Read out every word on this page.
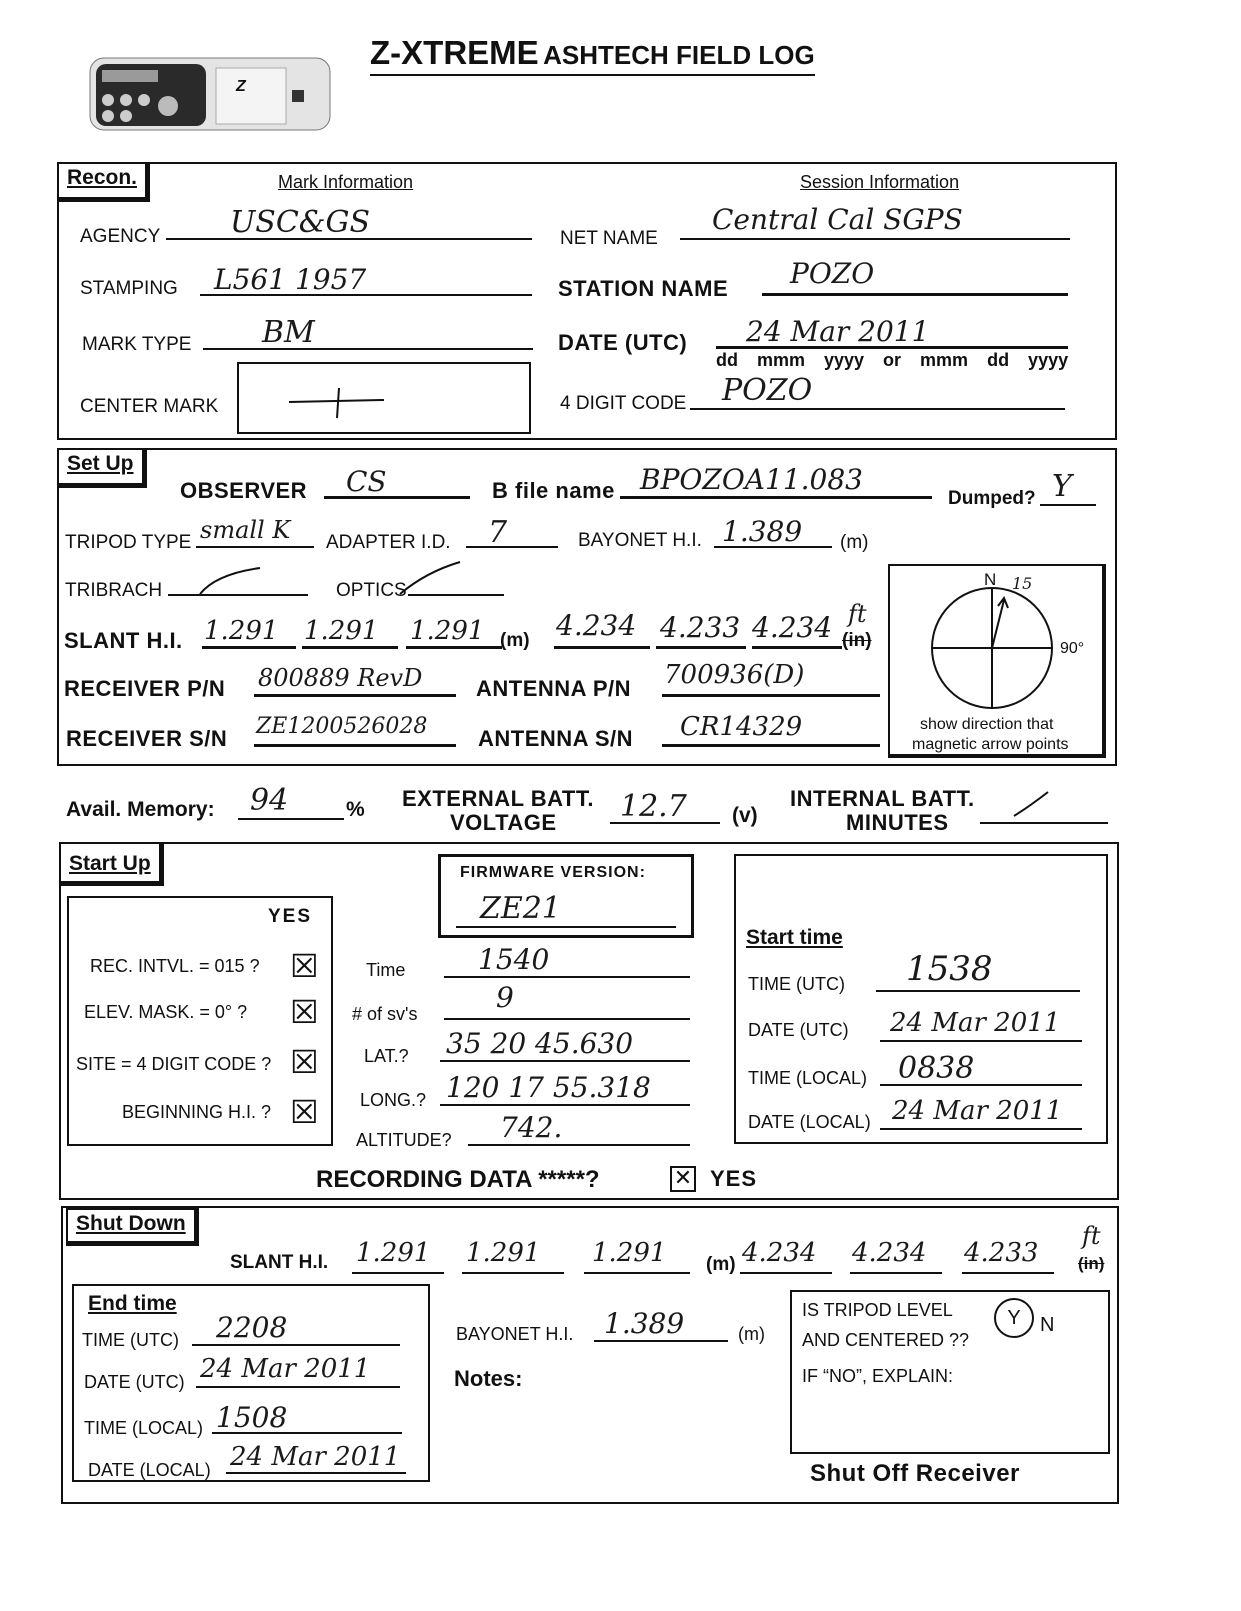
Z
Z-XTREME ASHTECH FIELD LOG
Recon.	Mark Information	Session Information
AGENCY USC&GS
STAMPING L561 1957
MARK TYPE BM
CENTER MARK
NET NAME
Central Cal SGPS
STATION NAME POZO
DATE (UTC) 24 Mar 2011
dd mmm yyyy or mmm dd yyyy
4 DIGIT CODE POZO
Set Up
OBSERVER CS	B file name BPOZOA11.083
Dumped? Y
TRIPOD TYPE small K ADAPTER I.D. 7	BAYONET H.I. 1.389 (m)
TRIBRACH	OPTICS
SLANT H.I. 1.291 1.291 1.291 (m) 4.234 4.233 4.234 ft
(in)
RECEIVER P/N 800889 RevD ANTENNA P/N 700936(D)
RECEIVER S/N ZE1200526028 ANTENNA S/N CR14329
N 15
90°
show direction that
magnetic arrow points
Avail. Memory: 94	% EXTERNAL BATT.
VOLTAGE 12.7 (v)
INTERNAL BATT.
MINUTES
Start Up
YES
REC. INTVL. = 015 ? ☒
ELEV. MASK. = 0° ? ☒
SITE = 4 DIGIT CODE ? ☒
BEGINNING H.I. ? ☒
FIRMWARE VERSION:
ZE21
Time	1540
# of sv's	9
LAT.? 35 20 45.630
LONG.? 120 17 55.318
ALTITUDE? 742.
Start time
TIME (UTC) 1538
DATE (UTC) 24 Mar 2011
TIME (LOCAL) 0838
DATE (LOCAL) 24 Mar 2011
RECORDING DATA *****?	✕ YES
Shut Down
SLANT H.I. 1.291 1.291 1.291 (m) 4.234 4.234 4.233
ft
(in)
End time
TIME (UTC) 2208
DATE (UTC) 24 Mar 2011
TIME (LOCAL) 1508
DATE (LOCAL) 24 Mar 2011
BAYONET H.I. 1.389	(m)
Notes:
IS TRIPOD LEVEL
AND CENTERED ??
Y N
IF “NO”, EXPLAIN:
Shut Off Receiver
